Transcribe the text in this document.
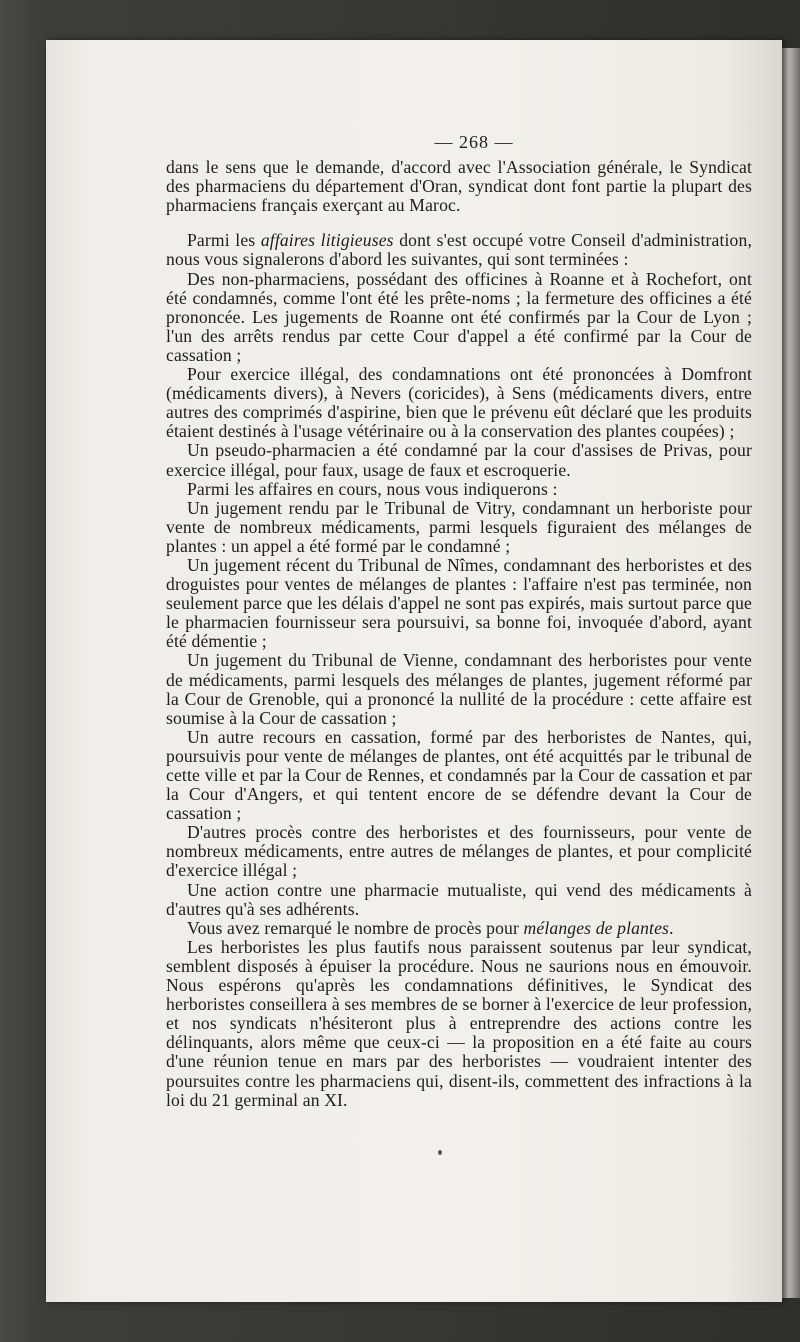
— 268 —

dans le sens que le demande, d'accord avec l'Association générale, le Syndicat des pharmaciens du département d'Oran, syndicat dont font partie la plupart des pharmaciens français exerçant au Maroc.

Parmi les affaires litigieuses dont s'est occupé votre Conseil d'administration, nous vous signalerons d'abord les suivantes, qui sont terminées :

Des non-pharmaciens, possédant des officines à Roanne et à Rochefort, ont été condamnés, comme l'ont été les prête-noms ; la fermeture des officines a été prononcée. Les jugements de Roanne ont été confirmés par la Cour de Lyon ; l'un des arrêts rendus par cette Cour d'appel a été confirmé par la Cour de cassation ;

Pour exercice illégal, des condamnations ont été prononcées à Domfront (médicaments divers), à Nevers (coricides), à Sens (médicaments divers, entre autres des comprimés d'aspirine, bien que le prévenu eût déclaré que les produits étaient destinés à l'usage vétérinaire ou à la conservation des plantes coupées) ;

Un pseudo-pharmacien a été condamné par la cour d'assises de Privas, pour exercice illégal, pour faux, usage de faux et escroquerie.

Parmi les affaires en cours, nous vous indiquerons :

Un jugement rendu par le Tribunal de Vitry, condamnant un herboriste pour vente de nombreux médicaments, parmi lesquels figuraient des mélanges de plantes : un appel a été formé par le condamné ;

Un jugement récent du Tribunal de Nîmes, condamnant des herboristes et des droguistes pour ventes de mélanges de plantes : l'affaire n'est pas terminée, non seulement parce que les délais d'appel ne sont pas expirés, mais surtout parce que le pharmacien fournisseur sera poursuivi, sa bonne foi, invoquée d'abord, ayant été démentie ;

Un jugement du Tribunal de Vienne, condamnant des herboristes pour vente de médicaments, parmi lesquels des mélanges de plantes, jugement réformé par la Cour de Grenoble, qui a prononcé la nullité de la procédure : cette affaire est soumise à la Cour de cassation ;

Un autre recours en cassation, formé par des herboristes de Nantes, qui, poursuivis pour vente de mélanges de plantes, ont été acquittés par le tribunal de cette ville et par la Cour de Rennes, et condamnés par la Cour de cassation et par la Cour d'Angers, et qui tentent encore de se défendre devant la Cour de cassation ;

D'autres procès contre des herboristes et des fournisseurs, pour vente de nombreux médicaments, entre autres de mélanges de plantes, et pour complicité d'exercice illégal ;

Une action contre une pharmacie mutualiste, qui vend des médicaments à d'autres qu'à ses adhérents.

Vous avez remarqué le nombre de procès pour mélanges de plantes.

Les herboristes les plus fautifs nous paraissent soutenus par leur syndicat, semblent disposés à épuiser la procédure. Nous ne saurions nous en émouvoir. Nous espérons qu'après les condamnations définitives, le Syndicat des herboristes conseillera à ses membres de se borner à l'exercice de leur profession, et nos syndicats n'hésiteront plus à entreprendre des actions contre les délinquants, alors même que ceux-ci — la proposition en a été faite au cours d'une réunion tenue en mars par des herboristes — voudraient intenter des poursuites contre les pharmaciens qui, disent-ils, commettent des infractions à la loi du 21 germinal an XI.
